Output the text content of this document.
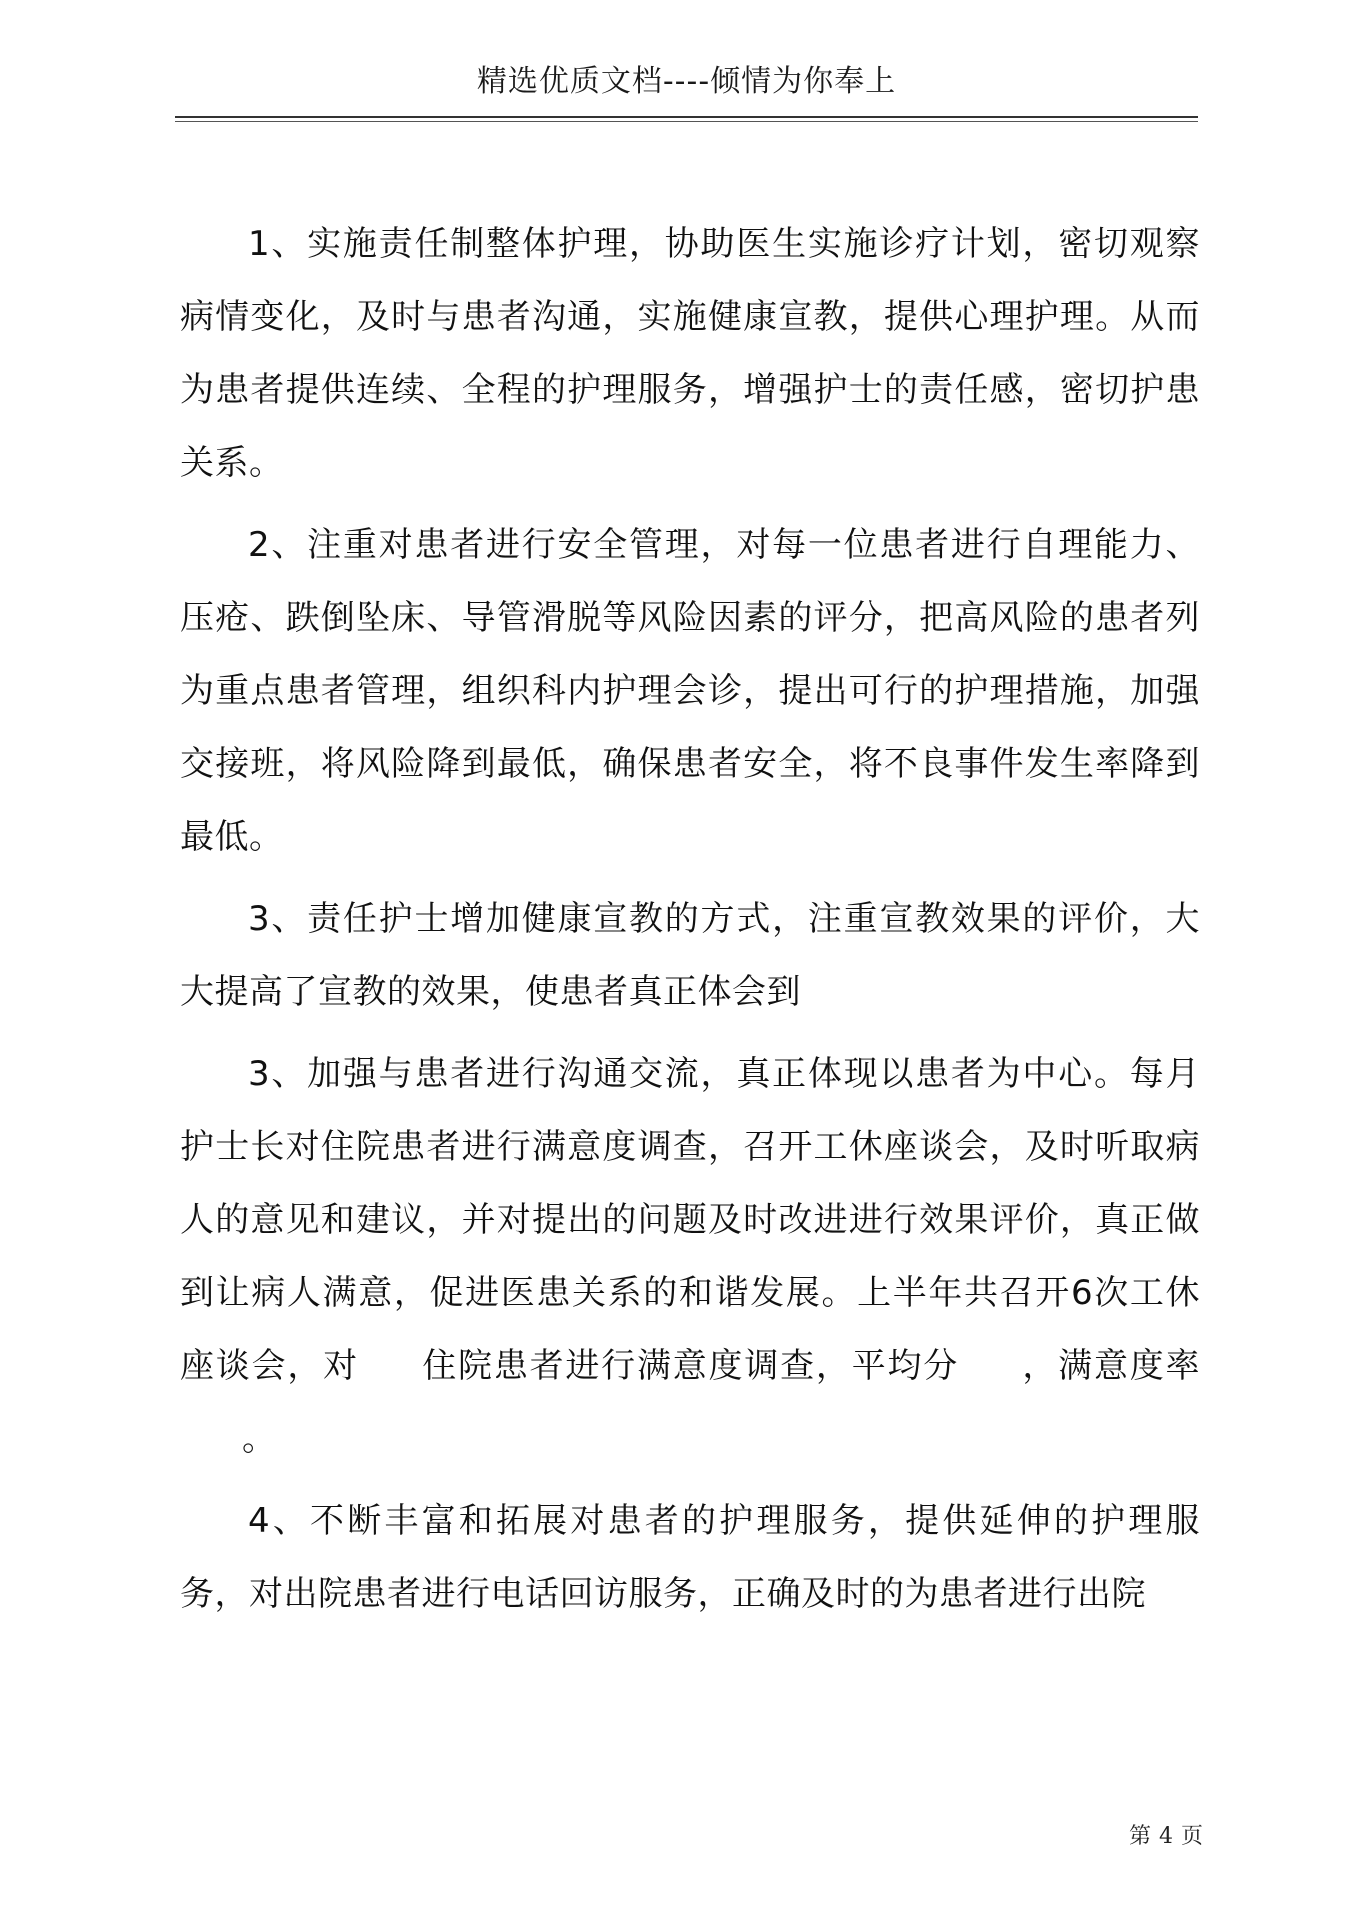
精选优质文档----倾情为你奉上

1、实施责任制整体护理，协助医生实施诊疗计划，密切观察病情变化，及时与患者沟通，实施健康宣教，提供心理护理。从而为患者提供连续、全程的护理服务，增强护士的责任感，密切护患关系。

2、注重对患者进行安全管理，对每一位患者进行自理能力、压疮、跌倒坠床、导管滑脱等风险因素的评分，把高风险的患者列为重点患者管理，组织科内护理会诊，提出可行的护理措施，加强交接班，将风险降到最低，确保患者安全，将不良事件发生率降到最低。

3、责任护士增加健康宣教的方式，注重宣教效果的评价，大大提高了宣教的效果，使患者真正体会到

3、加强与患者进行沟通交流，真正体现以患者为中心。每月护士长对住院患者进行满意度调查，召开工休座谈会，及时听取病人的意见和建议，并对提出的问题及时改进进行效果评价，真正做到让病人满意，促进医患关系的和谐发展。上半年共召开6次工休座谈会，对 住院患者进行满意度调查，平均分 ，满意度率。

4、不断丰富和拓展对患者的护理服务，提供延伸的护理服务，对出院患者进行电话回访服务，正确及时的为患者进行出院

第 4 页
